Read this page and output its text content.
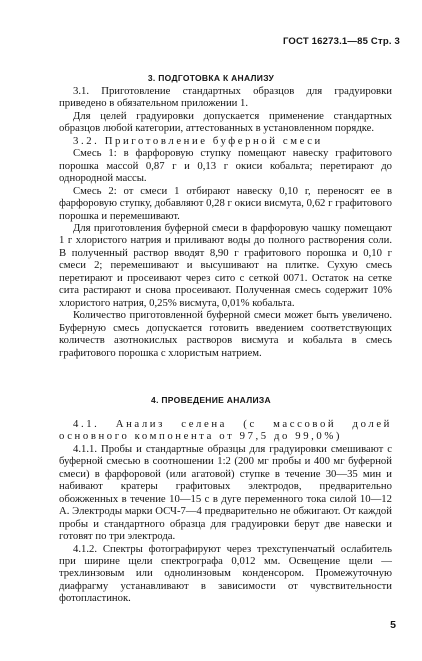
ГОСТ 16273.1—85 Стр. 3
3. ПОДГОТОВКА К АНАЛИЗУ

3.1. Приготовление стандартных образцов для градуировки приведено в обязательном приложении 1.

Для целей градуировки допускается применение стандартных образцов любой категории, аттестованных в установленном порядке.

3.2. Приготовление буферной смеси

Смесь 1: в фарфоровую ступку помещают навеску графитового порошка массой 0,87 г и 0,13 г окиси кобальта; перетирают до однородной массы.

Смесь 2: от смеси 1 отбирают навеску 0,10 г, переносят ее в фарфоровую ступку, добавляют 0,28 г окиси висмута, 0,62 г графитового порошка и перемешивают.

Для приготовления буферной смеси в фарфоровую чашку помещают 1 г хлористого натрия и приливают воды до полного растворения соли. В полученный раствор вводят 8,90 г графитового порошка и 0,10 г смеси 2; перемешивают и высушивают на плитке. Сухую смесь перетирают и просеивают через сито с сеткой 0071. Остаток на сетке сита растирают и снова просеивают. Полученная смесь содержит 10% хлористого натрия, 0,25% висмута, 0,01% кобальта.

Количество приготовленной буферной смеси может быть увеличено. Буферную смесь допускается готовить введением соответствующих количеств азотнокислых растворов висмута и кобальта в смесь графитового порошка с хлористым натрием.

4. ПРОВЕДЕНИЕ АНАЛИЗА

4.1. Анализ селена (с массовой долей основного компонента от 97,5 до 99,0%)

4.1.1. Пробы и стандартные образцы для градуировки смешивают с буферной смесью в соотношении 1:2 (200 мг пробы и 400 мг буферной смеси) в фарфоровой (или агатовой) ступке в течение 30—35 мин и набивают кратеры графитовых электродов, предварительно обожженных в течение 10—15 с в дуге переменного тока силой 10—12 А. Электроды марки ОСЧ-7—4 предварительно не обжигают. От каждой пробы и стандартного образца для градуировки берут две навески и готовят по три электрода.

4.1.2. Спектры фотографируют через трехступенчатый ослабитель при ширине щели спектрографа 0,012 мм. Освещение щели — трехлинзовым или однолинзовым конденсором. Промежуточную диафрагму устанавливают в зависимости от чувствительности фотопластинок.

5
